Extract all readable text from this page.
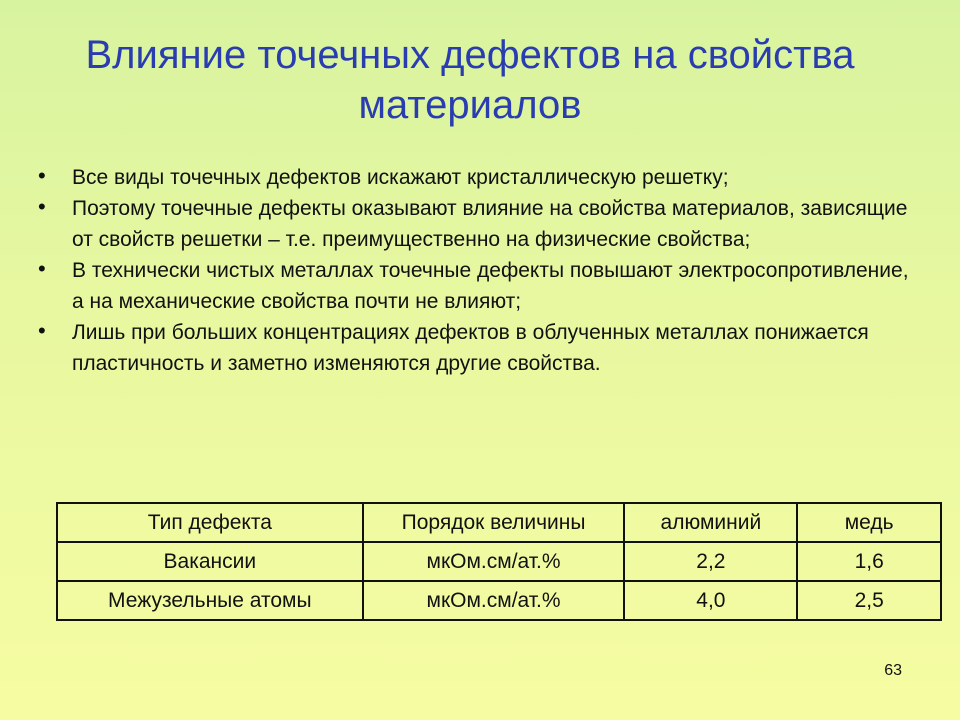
Влияние точечных дефектов на свойства материалов
• Все виды точечных дефектов искажают кристаллическую решетку;
• Поэтому точечные дефекты оказывают влияние на свойства материалов, зависящие от свойств решетки – т.е. преимущественно на физические свойства;
• В технически чистых металлах точечные дефекты повышают электросопротивление, а на механические свойства почти не влияют;
• Лишь при больших концентрациях дефектов в облученных металлах понижается пластичность и заметно изменяются другие свойства.
Тип дефекта	Порядок величины	алюминий	медь
Вакансии	мкОм.см/ат.%	2,2	1,6
Межузельные атомы	мкОм.см/ат.%	4,0	2,5
63
